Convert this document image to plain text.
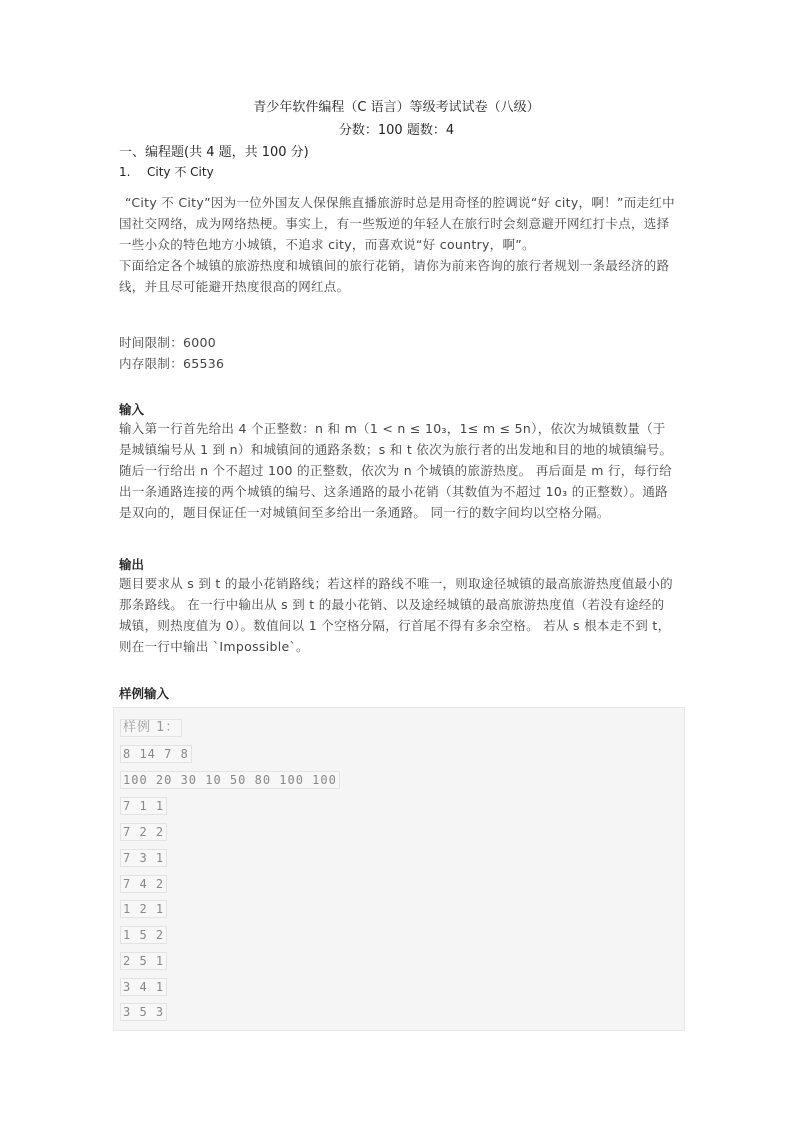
青少年软件编程（C 语言）等级考试试卷（八级）
分数：100 题数：4
一、编程题(共 4 题，共 100 分)
1. City 不 City

“City 不 City”因为一位外国友人保保熊直播旅游时总是用奇怪的腔调说“好 city，啊！”而走红中国社交网络，成为网络热梗。事实上，有一些叛逆的年轻人在旅行时会刻意避开网红打卡点，选择一些小众的特色地方小城镇，不追求 city，而喜欢说“好 country，啊”。

下面给定各个城镇的旅游热度和城镇间的旅行花销，请你为前来咨询的旅行者规划一条最经济的路线，并且尽可能避开热度很高的网红点。

时间限制：6000

内存限制：65536

输入

输入第一行首先给出 4 个正整数：n 和 m（1 < n ≤ 10₃，1≤ m ≤ 5n），依次为城镇数量（于是城镇编号从 1 到 n）和城镇间的通路条数；s 和 t 依次为旅行者的出发地和目的地的城镇编号。 随后一行给出 n 个不超过 100 的正整数，依次为 n 个城镇的旅游热度。 再后面是 m 行，每行给出一条通路连接的两个城镇的编号、这条通路的最小花销（其数值为不超过 10₃ 的正整数）。通路是双向的，题目保证任一对城镇间至多给出一条通路。 同一行的数字间均以空格分隔。

输出

题目要求从 s 到 t 的最小花销路线；若这样的路线不唯一，则取途径城镇的最高旅游热度值最小的那条路线。 在一行中输出从 s 到 t 的最小花销、以及途经城镇的最高旅游热度值（若没有途经的城镇，则热度值为 0）。数值间以 1 个空格分隔，行首尾不得有多余空格。 若从 s 根本走不到 t，则在一行中输出 `Impossible`。

样例输入
样例 1：
8 14 7 8
100 20 30 10 50 80 100 100
7 1 1
7 2 2
7 3 1
7 4 2
1 2 1
1 5 2
2 5 1
3 4 1
3 5 3
